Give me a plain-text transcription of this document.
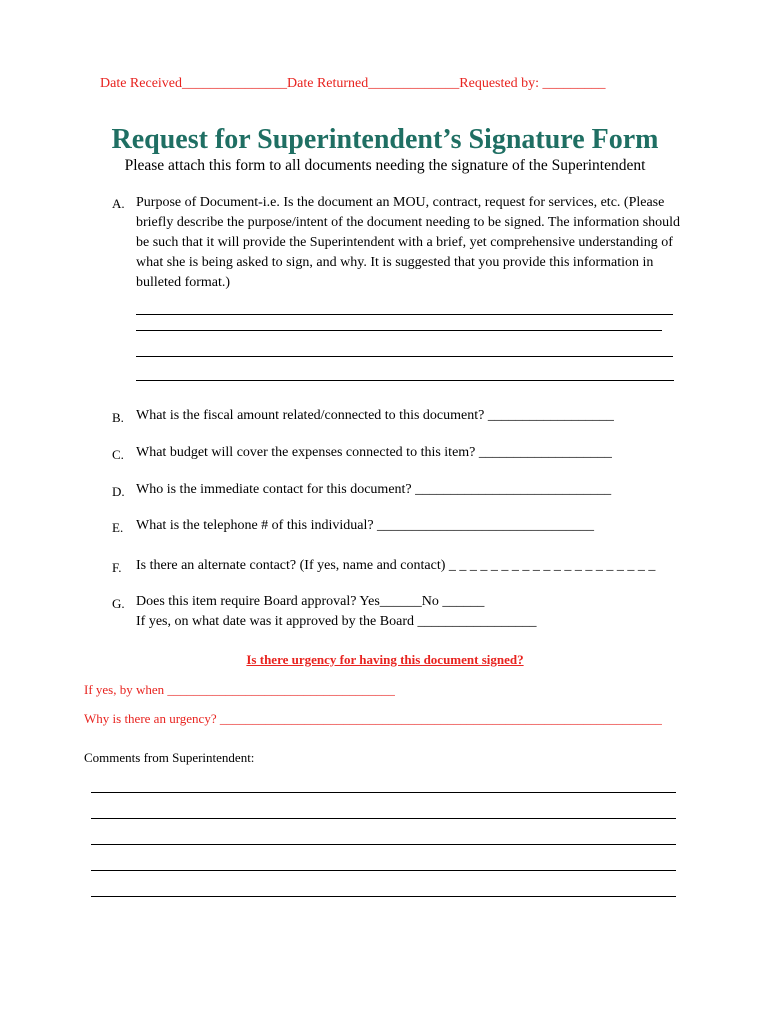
Date Received_______________Date Returned_____________Requested by: _________
Request for Superintendent’s Signature Form
Please attach this form to all documents needing the signature of the Superintendent
A. Purpose of Document-i.e. Is the document an MOU, contract, request for services, etc. (Please briefly describe the purpose/intent of the document needing to be signed. The information should be such that it will provide the Superintendent with a brief, yet comprehensive understanding of what she is being asked to sign, and why. It is suggested that you provide this information in bulleted format.)
B. What is the fiscal amount related/connected to this document? __________________
C. What budget will cover the expenses connected to this item? ___________________
D. Who is the immediate contact for this document? ____________________________
E. What is the telephone # of this individual? _______________________________
F. Is there an alternate contact? (If yes, name and contact) _ _ _ _ _ _ _ _ _ _ _ _ _ _ _ _ _ _ _ _
G. Does this item require Board approval? Yes______No ______
If yes, on what date was it approved by the Board _________________
Is there urgency for having this document signed?
If yes, by when ___________________________________
Why is there an urgency? ____________________________________________________________________
Comments from Superintendent:
